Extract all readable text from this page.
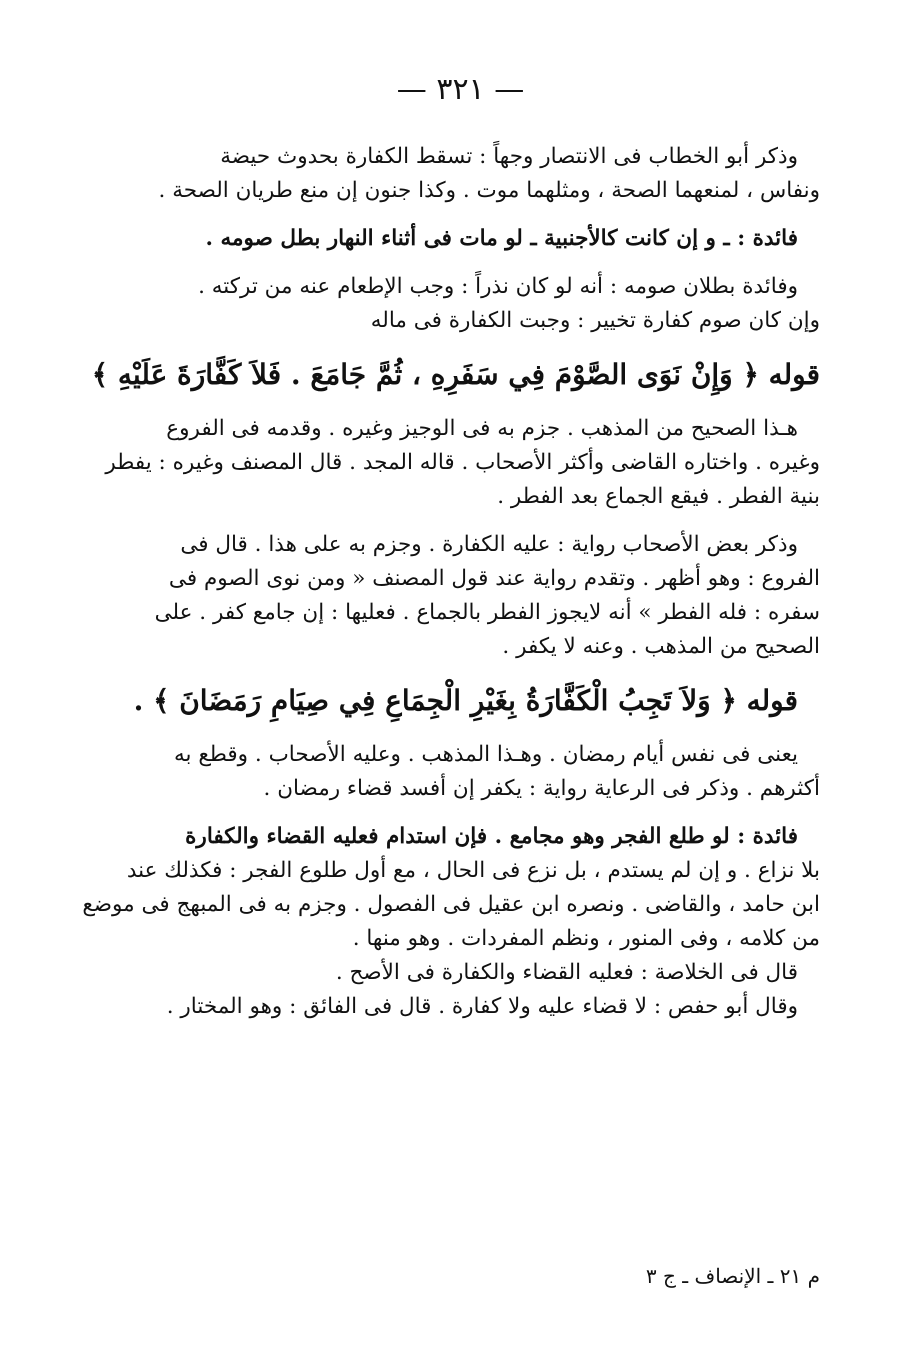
— ٣٢١ —

وذكر أبو الخطاب فى الانتصار وجهاً : تسقط الكفارة بحدوث حيضة

ونفاس ، لمنعهما الصحة ، ومثلهما موت . وكذا جنون إن منع طريان الصحة .

فائدة : ـ و إن كانت كالأجنبية ـ لو مات فى أثناء النهار بطل صومه .

وفائدة بطلان صومه : أنه لو كان نذراً : وجب الإطعام عنه من تركته .

وإن كان صوم كفارة تخيير : وجبت الكفارة فى ماله

قوله ﴿ وَإِنْ نَوَى الصَّوْمَ فِي سَفَرِهِ ، ثُمَّ جَامَعَ . فَلاَ كَفَّارَةَ عَلَيْهِ ﴾

هـذا الصحيح من المذهب . جزم به فى الوجيز وغيره . وقدمه فى الفروع

وغيره . واختاره القاضى وأكثر الأصحاب . قاله المجد . قال المصنف وغيره : يفطر

بنية الفطر . فيقع الجماع بعد الفطر .

وذكر بعض الأصحاب رواية : عليه الكفارة . وجزم به على هذا . قال فى

الفروع : وهو أظهر . وتقدم رواية عند قول المصنف « ومن نوى الصوم فى

سفره : فله الفطر » أنه لايجوز الفطر بالجماع . فعليها : إن جامع كفر . على

الصحيح من المذهب . وعنه لا يكفر .

قوله ﴿ وَلاَ تَجِبُ الْكَفَّارَةُ بِغَيْرِ الْجِمَاعِ فِي صِيَامِ رَمَضَانَ ﴾ .

يعنى فى نفس أيام رمضان . وهـذا المذهب . وعليه الأصحاب . وقطع به

أكثرهم . وذكر فى الرعاية رواية : يكفر إن أفسد قضاء رمضان .

فائدة : لو طلع الفجر وهو مجامع . فإن استدام فعليه القضاء والكفارة

بلا نزاع . و إن لم يستدم ، بل نزع فى الحال ، مع أول طلوع الفجر : فكذلك عند

ابن حامد ، والقاضى . ونصره ابن عقيل فى الفصول . وجزم به فى المبهج فى موضع

من كلامه ، وفى المنور ، ونظم المفردات . وهو منها .

قال فى الخلاصة : فعليه القضاء والكفارة فى الأصح .

وقال أبو حفص : لا قضاء عليه ولا كفارة . قال فى الفائق : وهو المختار .

م ٢١ ـ الإنصاف ـ ج ٣
